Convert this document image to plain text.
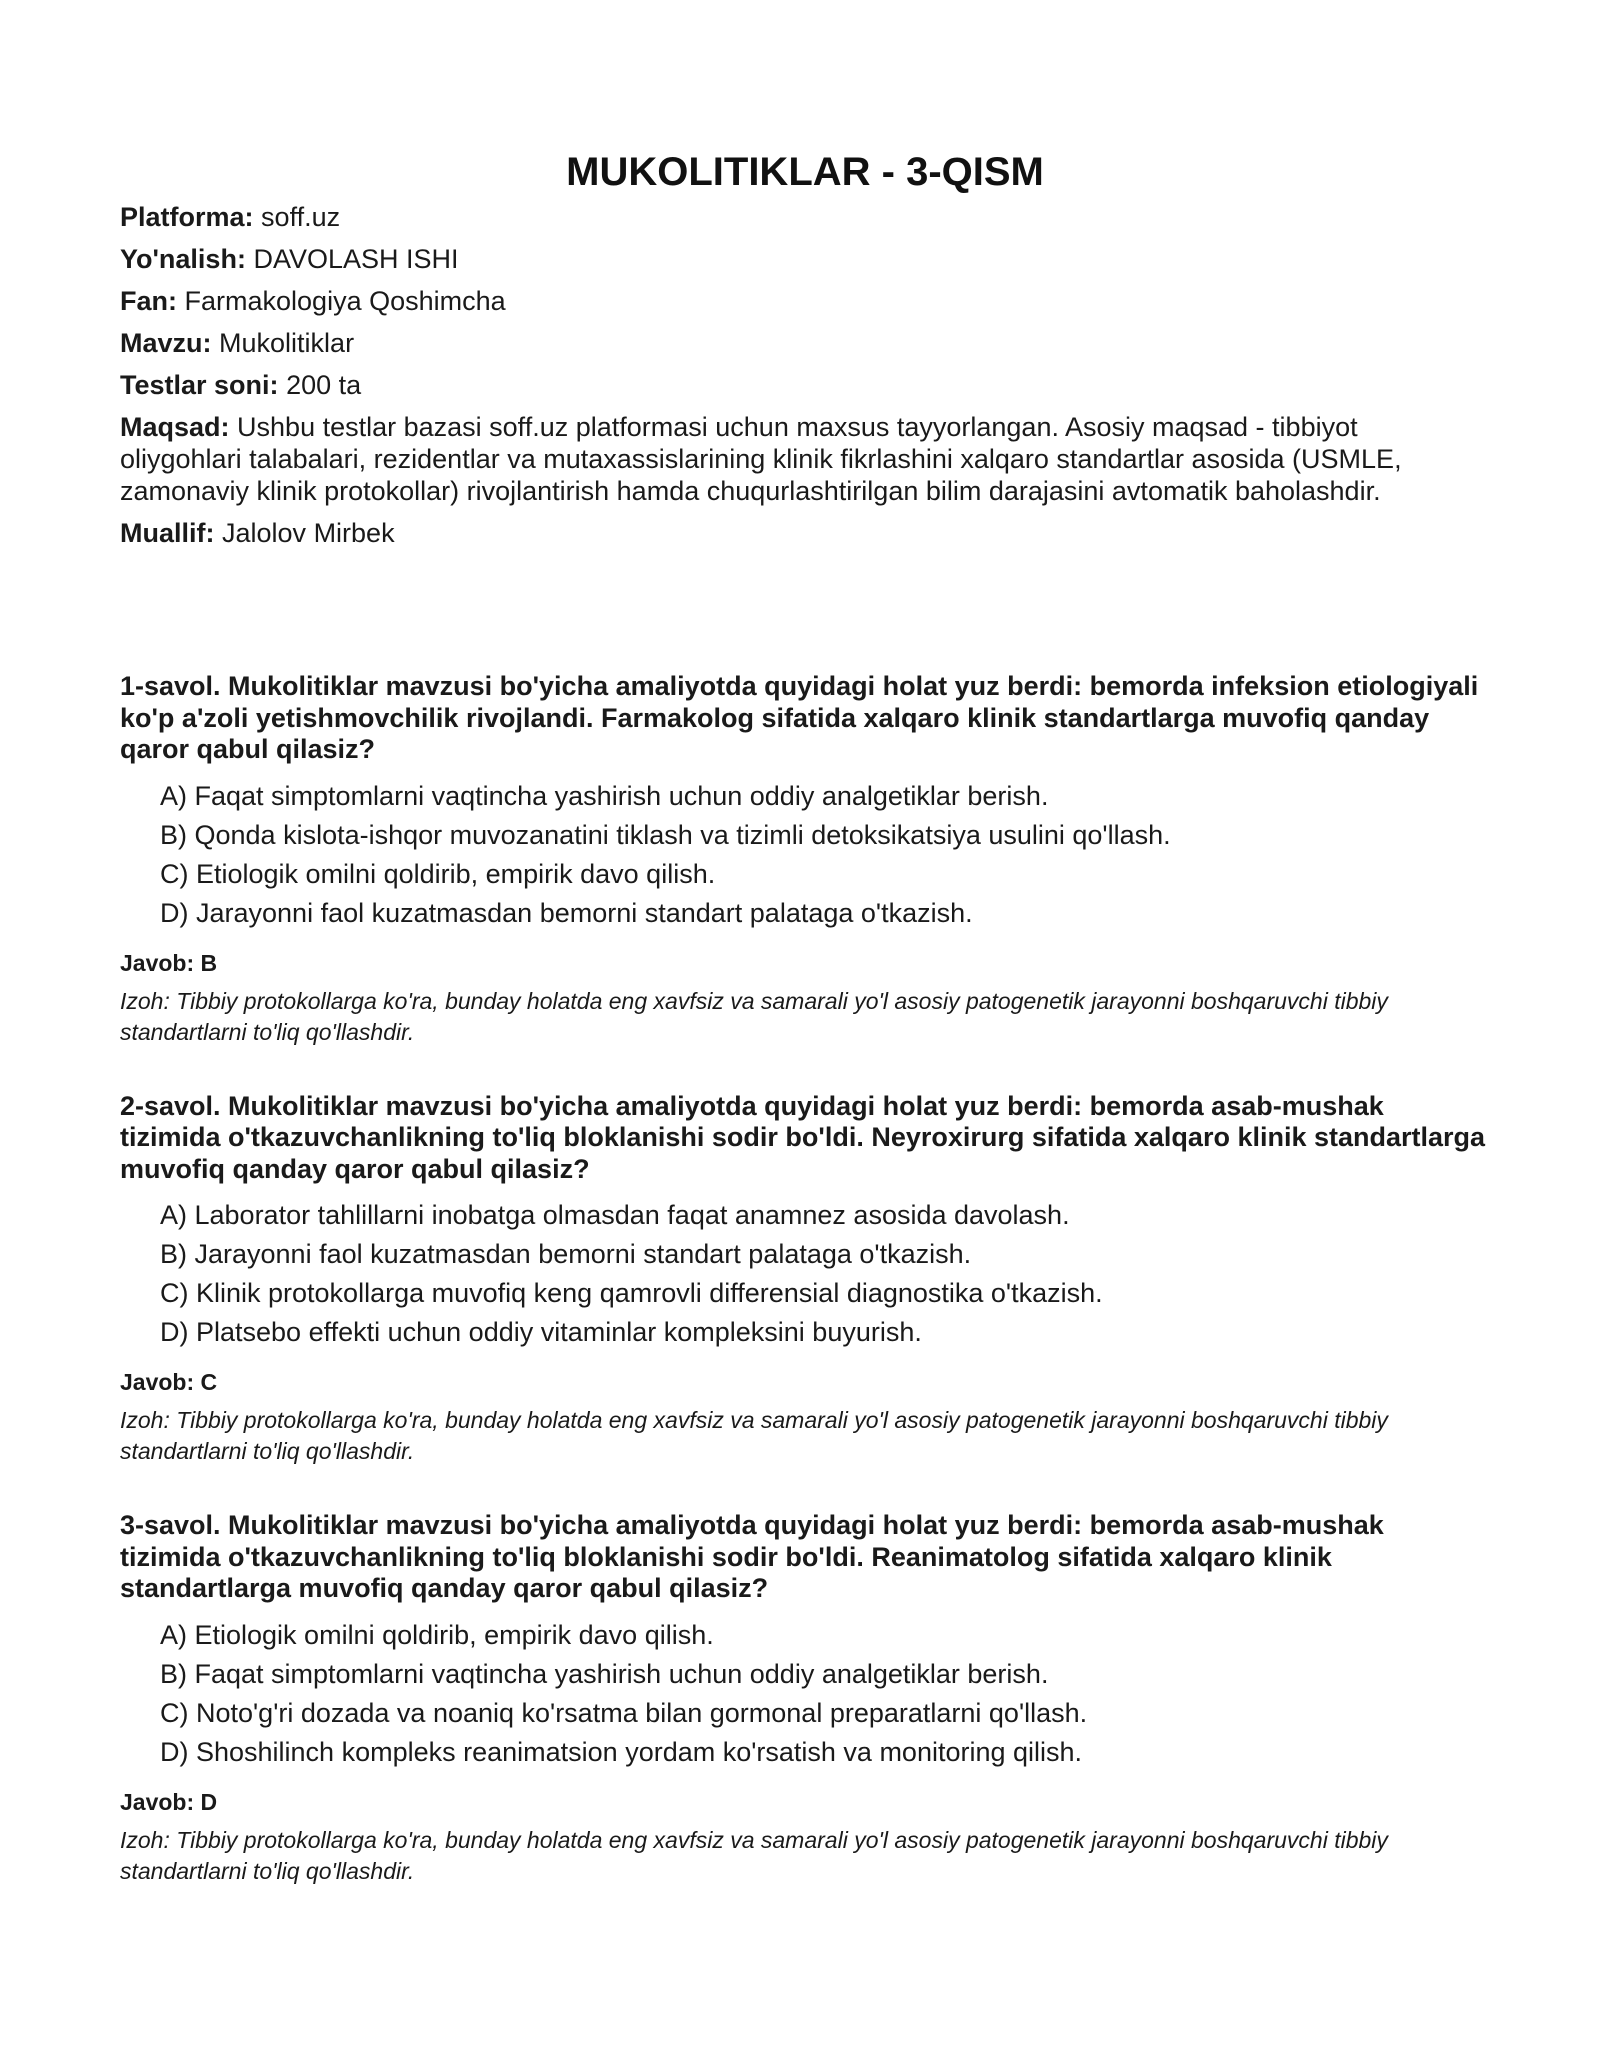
MUKOLITIKLAR - 3-QISM
Platforma: soff.uz
Yo'nalish: DAVOLASH ISHI
Fan: Farmakologiya Qoshimcha
Mavzu: Mukolitiklar
Testlar soni: 200 ta
Maqsad: Ushbu testlar bazasi soff.uz platformasi uchun maxsus tayyorlangan. Asosiy maqsad - tibbiyot oliygohlari talabalari, rezidentlar va mutaxassislarining klinik fikrlashini xalqaro standartlar asosida (USMLE, zamonaviy klinik protokollar) rivojlantirish hamda chuqurlashtirilgan bilim darajasini avtomatik baholashdir.
Muallif: Jalolov Mirbek

1-savol. Mukolitiklar mavzusi bo'yicha amaliyotda quyidagi holat yuz berdi: bemorda infeksion etiologiyali ko'p a'zoli yetishmovchilik rivojlandi. Farmakolog sifatida xalqaro klinik standartlarga muvofiq qanday qaror qabul qilasiz?

A) Faqat simptomlarni vaqtincha yashirish uchun oddiy analgetiklar berish.
B) Qonda kislota-ishqor muvozanatini tiklash va tizimli detoksikatsiya usulini qo'llash.
C) Etiologik omilni qoldirib, empirik davo qilish.
D) Jarayonni faol kuzatmasdan bemorni standart palataga o'tkazish.

Javob: B

Izoh: Tibbiy protokollarga ko'ra, bunday holatda eng xavfsiz va samarali yo'l asosiy patogenetik jarayonni boshqaruvchi tibbiy standartlarni to'liq qo'llashdir.

2-savol. Mukolitiklar mavzusi bo'yicha amaliyotda quyidagi holat yuz berdi: bemorda asab-mushak tizimida o'tkazuvchanlikning to'liq bloklanishi sodir bo'ldi. Neyroxirurg sifatida xalqaro klinik standartlarga muvofiq qanday qaror qabul qilasiz?

A) Laborator tahlillarni inobatga olmasdan faqat anamnez asosida davolash.
B) Jarayonni faol kuzatmasdan bemorni standart palataga o'tkazish.
C) Klinik protokollarga muvofiq keng qamrovli differensial diagnostika o'tkazish.
D) Platsebo effekti uchun oddiy vitaminlar kompleksini buyurish.

Javob: C

Izoh: Tibbiy protokollarga ko'ra, bunday holatda eng xavfsiz va samarali yo'l asosiy patogenetik jarayonni boshqaruvchi tibbiy standartlarni to'liq qo'llashdir.

3-savol. Mukolitiklar mavzusi bo'yicha amaliyotda quyidagi holat yuz berdi: bemorda asab-mushak tizimida o'tkazuvchanlikning to'liq bloklanishi sodir bo'ldi. Reanimatolog sifatida xalqaro klinik standartlarga muvofiq qanday qaror qabul qilasiz?

A) Etiologik omilni qoldirib, empirik davo qilish.
B) Faqat simptomlarni vaqtincha yashirish uchun oddiy analgetiklar berish.
C) Noto'g'ri dozada va noaniq ko'rsatma bilan gormonal preparatlarni qo'llash.
D) Shoshilinch kompleks reanimatsion yordam ko'rsatish va monitoring qilish.

Javob: D

Izoh: Tibbiy protokollarga ko'ra, bunday holatda eng xavfsiz va samarali yo'l asosiy patogenetik jarayonni boshqaruvchi tibbiy standartlarni to'liq qo'llashdir.
